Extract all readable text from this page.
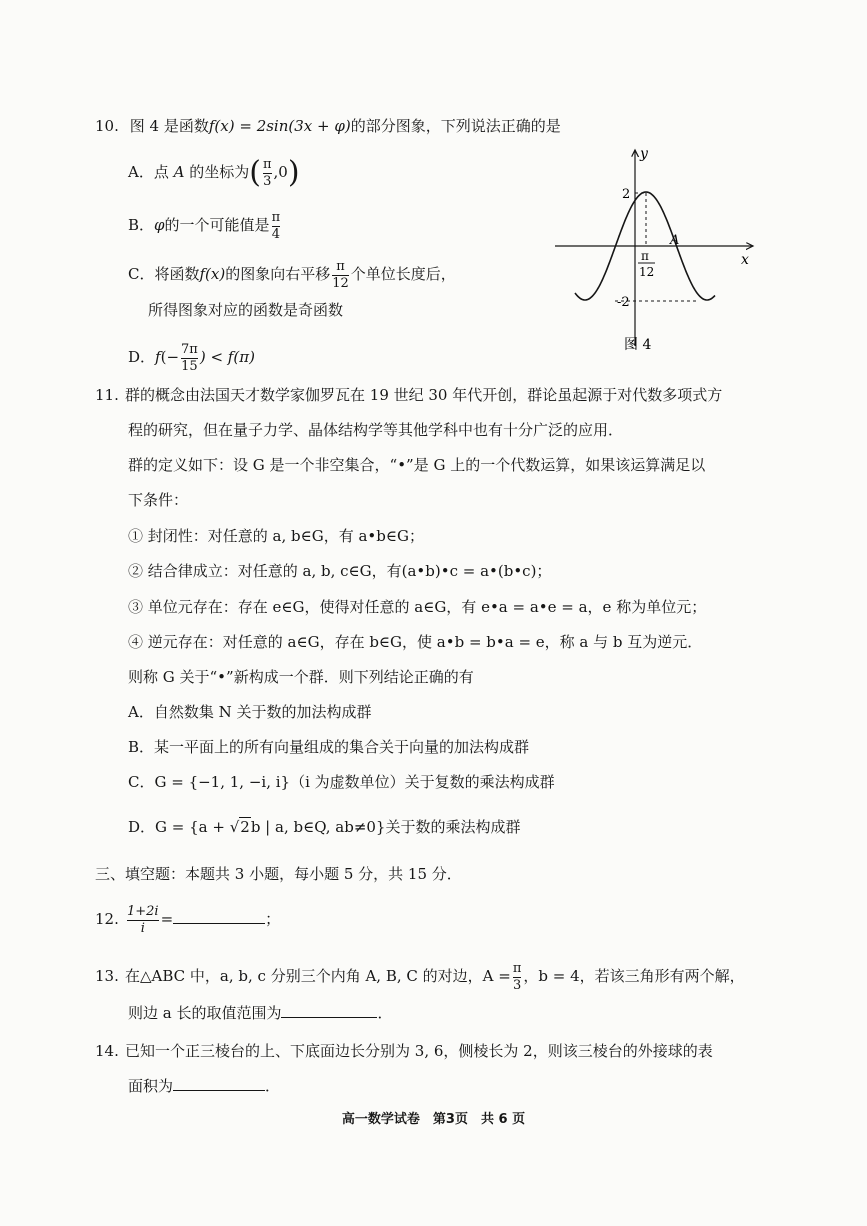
10. 图 4 是函数f(x) = 2sin(3x + φ)的部分图象，下列说法正确的是
A．点 A 的坐标为( $\frac{\pi}{3} ,0$)
B．φ的一个可能值是 $\frac{\pi}{4}$
C．将函数f(x)的图象向右平移 $\frac{\pi}{12}$ 个单位长度后，
所得图象对应的函数是奇函数
D．$f(- \frac{7\pi}{15}$ ) < f(π)
y
x
2
-2
A
π
12
图 4
11. 群的概念由法国天才数学家伽罗瓦在 19 世纪 30 年代开创，群论虽起源于对代数多项式方
程的研究，但在量子力学、晶体结构学等其他学科中也有十分广泛的应用．
群的定义如下：设 G 是一个非空集合，“•”是 G 上的一个代数运算，如果该运算满足以
下条件：
① 封闭性：对任意的 a, b∈G，有 a•b∈G；
② 结合律成立：对任意的 a, b, c∈G，有(a•b)•c = a•(b•c)；
③ 单位元存在：存在 e∈G，使得对任意的 a∈G，有 e•a = a•e = a，e 称为单位元；
④ 逆元存在：对任意的 a∈G，存在 b∈G，使 a•b = b•a = e，称 a 与 b 互为逆元．
则称 G 关于“•”新构成一个群．则下列结论正确的有
A．自然数集 N 关于数的加法构成群
B．某一平面上的所有向量组成的集合关于向量的加法构成群
C．G = {−1, 1, −i, i}（i 为虚数单位）关于复数的乘法构成群
D．G = {a + √2b | a, b∈Q, ab≠0}关于数的乘法构成群
三、填空题：本题共 3 小题，每小题 5 分，共 15 分．
12. $\frac{1+2i}{i}$ =	；
13. 在△ABC 中，a, b, c 分别三个内角 A, B, C 的对边，$A = \frac{\pi}{3}$ ，b = 4，若该三角形有两个解，
则边 a 长的取值范围为	．
14. 已知一个正三棱台的上、下底面边长分别为 3, 6，侧棱长为 2，则该三棱台的外接球的表
面积为	．
高一数学试卷　第3页　共 6 页
